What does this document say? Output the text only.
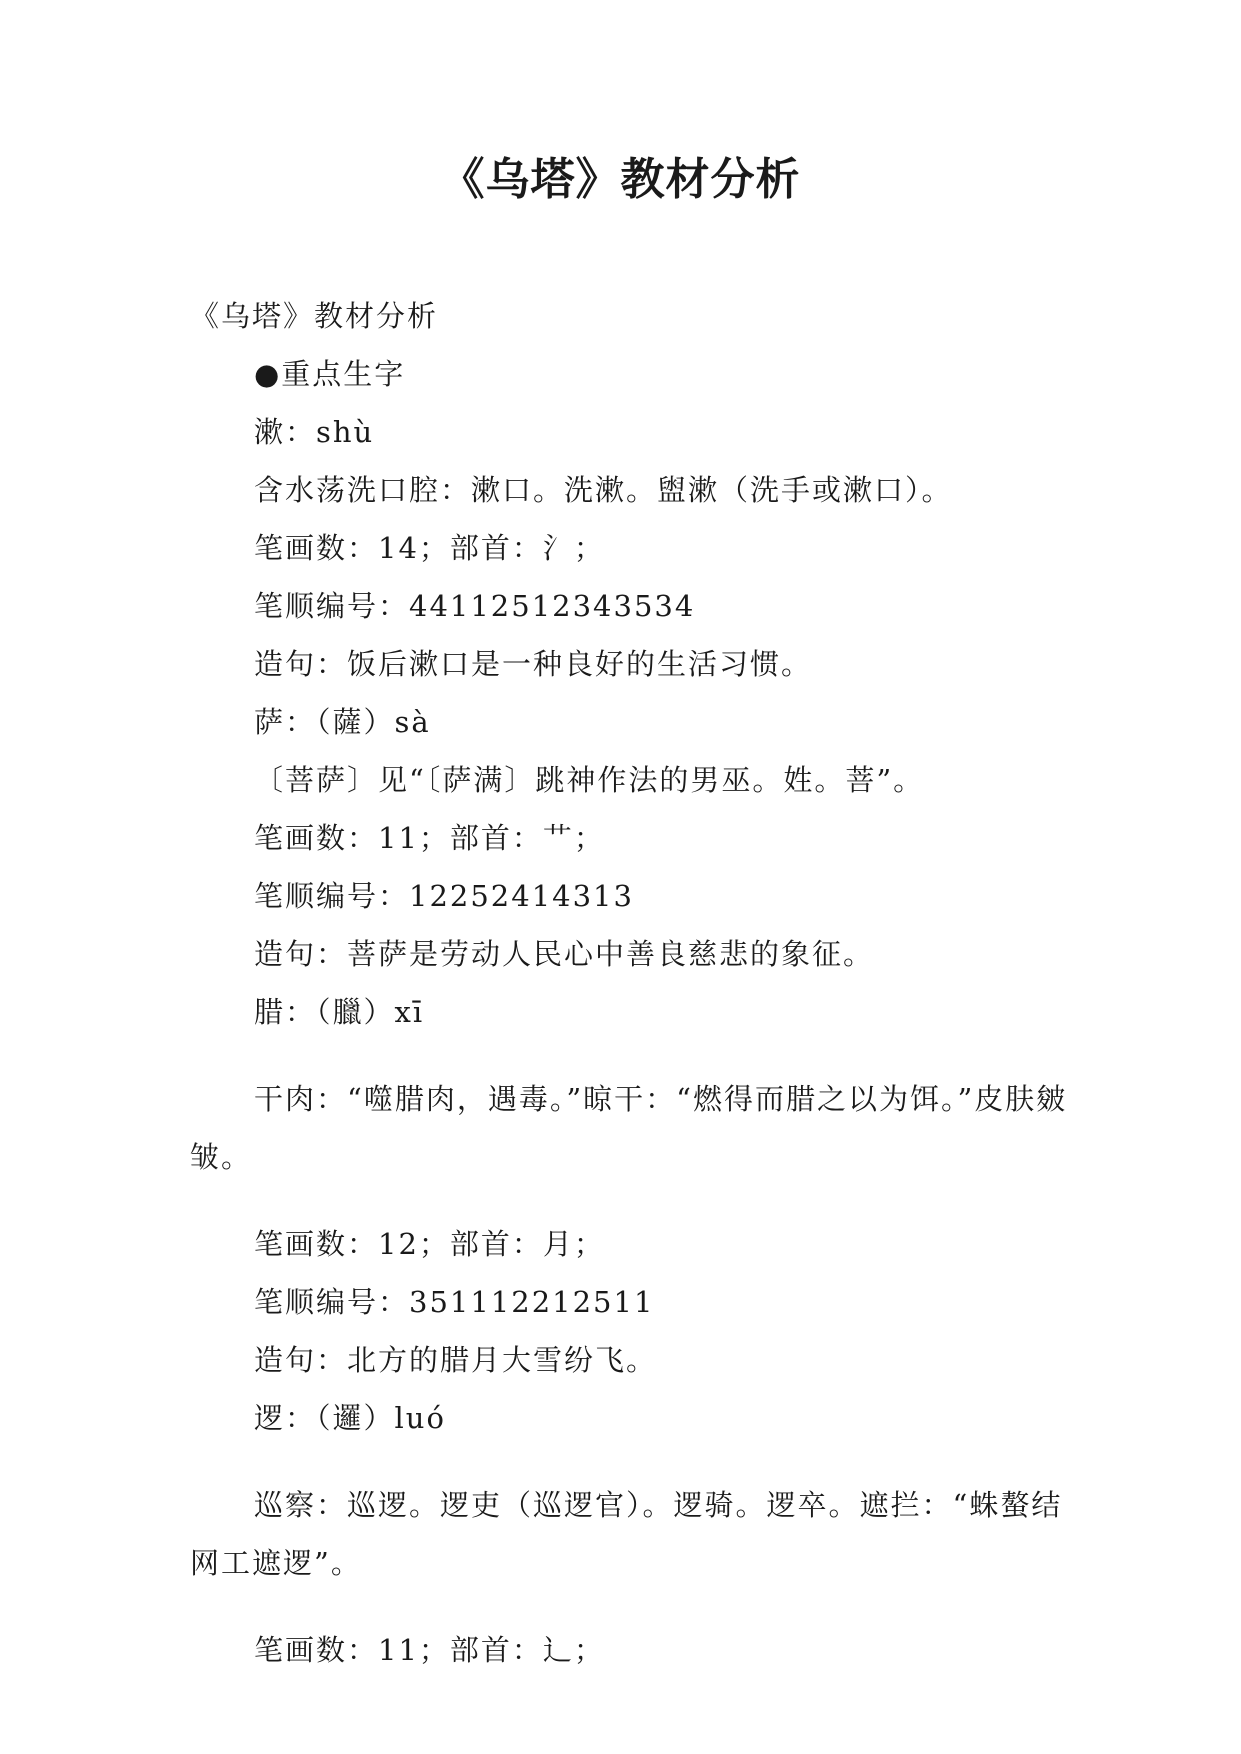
《乌塔》教材分析

《乌塔》教材分析

●重点生字

漱：shù

含水荡洗口腔：漱口。洗漱。盥漱（洗手或漱口）。

笔画数：14；部首：氵；

笔顺编号：44112512343534

造句：饭后漱口是一种良好的生活习惯。

萨：（薩）sà

〔菩萨〕见“〔萨满〕跳神作法的男巫。姓。菩”。

笔画数：11；部首：艹；

笔顺编号：12252414313

造句：菩萨是劳动人民心中善良慈悲的象征。

腊：（臘）xī

干肉：“噬腊肉，遇毒。”晾干：“燃得而腊之以为饵。”皮肤皴皱。

笔画数：12；部首：月；

笔顺编号：351112212511

造句：北方的腊月大雪纷飞。

逻：（邏）luó

巡察：巡逻。逻吏（巡逻官）。逻骑。逻卒。遮拦：“蛛螯结网工遮逻”。

笔画数：11；部首：辶；
